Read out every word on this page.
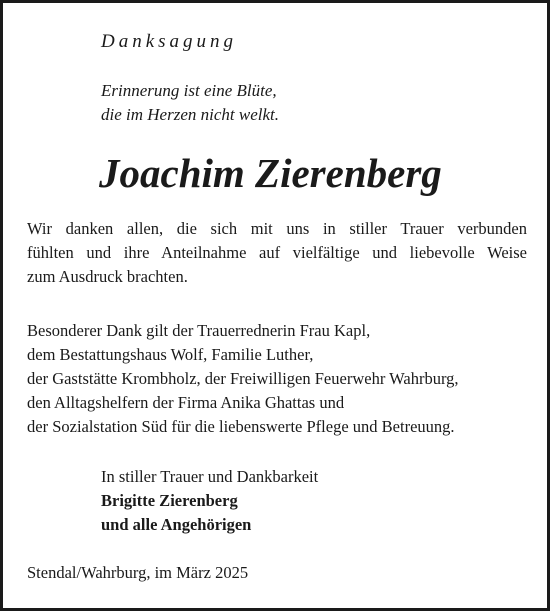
Danksagung
Erinnerung ist eine Blüte,
die im Herzen nicht welkt.
Joachim Zierenberg
Wir danken allen, die sich mit uns in stiller Trauer verbunden
fühlten und ihre Anteilnahme auf vielfältige und liebevolle Weise
zum Ausdruck brachten.
Besonderer Dank gilt der Trauerrednerin Frau Kapl,
dem Bestattungshaus Wolf, Familie Luther,
der Gaststätte Krombholz, der Freiwilligen Feuerwehr Wahrburg,
den Alltagshelfern der Firma Anika Ghattas und
der Sozialstation Süd für die liebenswerte Pflege und Betreuung.
In stiller Trauer und Dankbarkeit
Brigitte Zierenberg
und alle Angehörigen

Stendal/Wahrburg, im März 2025
